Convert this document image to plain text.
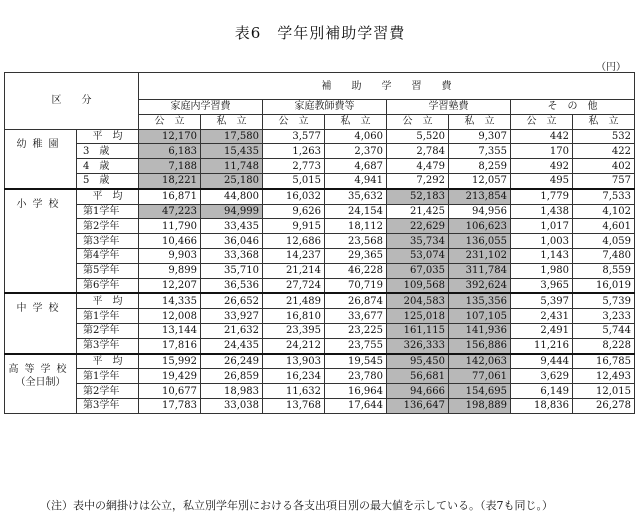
表6　学年別補助学習費
（円）
区　　分		補　　助　　学　　習　　費							
		家庭内学習費		家庭教師費等		学習塾費		そ　の　他	
		公　立	私　立	公　立	私　立	公　立	私　立	公　立	私　立

幼稚園	平　均	12,170	17,580	3,577	4,060	5,520	9,307	442	532
	3　歳	6,183	15,435	1,263	2,370	2,784	7,355	170	422
	4　歳	7,188	11,748	2,773	4,687	4,479	8,259	492	402
	5　歳	18,221	25,180	5,015	4,941	7,292	12,057	495	757

小学校	平　均	16,871	44,800	16,032	35,632	52,183	213,854	1,779	7,533
	第1学年	47,223	94,999	9,626	24,154	21,425	94,956	1,438	4,102
	第2学年	11,790	33,435	9,915	18,112	22,629	106,623	1,017	4,601
	第3学年	10,466	36,046	12,686	23,568	35,734	136,055	1,003	4,059
	第4学年	9,903	33,368	14,237	29,365	53,074	231,102	1,143	7,480
	第5学年	9,899	35,710	21,214	46,228	67,035	311,784	1,980	8,559
	第6学年	12,207	36,536	27,724	70,719	109,568	392,624	3,965	16,019

中学校	平　均	14,335	26,652	21,489	26,874	204,583	135,356	5,397	5,739
	第1学年	12,008	33,927	16,810	33,677	125,018	107,105	2,431	3,233
	第2学年	13,144	21,632	23,395	23,225	161,115	141,936	2,491	5,744
	第3学年	17,816	24,435	24,212	23,755	326,333	156,886	11,216	8,228

高等学校
（全日制）	平　均	15,992	26,249	13,903	19,545	95,450	142,063	9,444	16,785
	第1学年	19,429	26,859	16,234	23,780	56,681	77,061	3,629	12,493
	第2学年	10,677	18,983	11,632	16,964	94,666	154,695	6,149	12,015
	第3学年	17,783	33,038	13,768	17,644	136,647	198,889	18,836	26,278
（注）表中の網掛けは公立，私立別学年別における各支出項目別の最大値を示している。（表7も同じ。）
